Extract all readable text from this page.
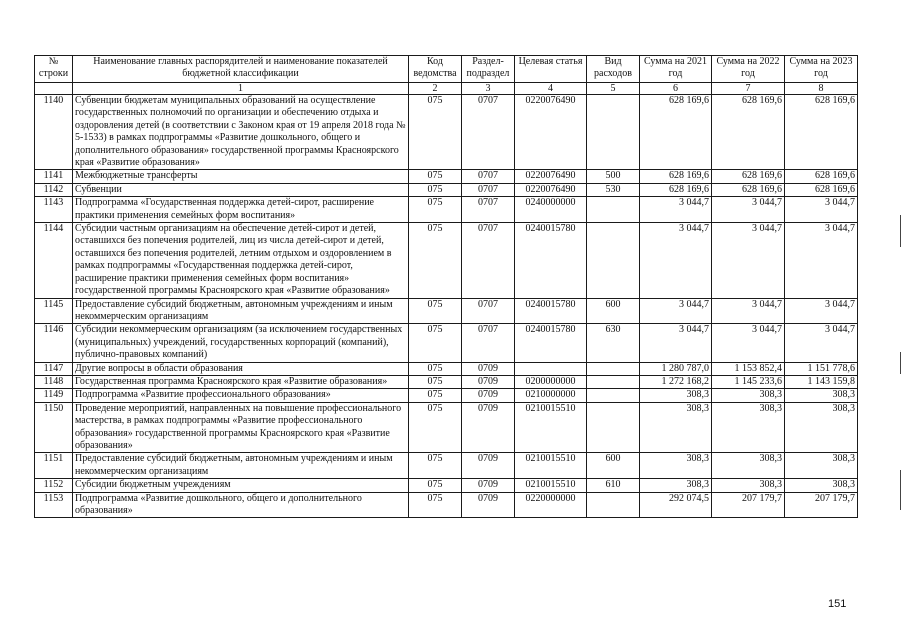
№ строки	Наименование главных распорядителей и наименование показателей бюджетной классификации	Код ведомства	Раздел-подраздел	Целевая статья	Вид расходов	Сумма на 2021 год	Сумма на 2022 год	Сумма на 2023 год
	1	2	3	4	5	6	7	8
1140	Субвенции бюджетам муниципальных образований на осуществление государственных полномочий по организации и обеспечению отдыха и оздоровления детей (в соответствии с Законом края от 19 апреля 2018 года № 5-1533) в рамках подпрограммы «Развитие дошкольного, общего и дополнительного образования» государственной программы Красноярского края «Развитие образования»	075	0707	0220076490		628 169,6	628 169,6	628 169,6
1141	Межбюджетные трансферты	075	0707	0220076490	500	628 169,6	628 169,6	628 169,6
1142	Субвенции	075	0707	0220076490	530	628 169,6	628 169,6	628 169,6
1143	Подпрограмма «Государственная поддержка детей-сирот, расширение практики применения семейных форм воспитания»	075	0707	0240000000		3 044,7	3 044,7	3 044,7
1144	Субсидии частным организациям на обеспечение детей-сирот и детей, оставшихся без попечения родителей, лиц из числа детей-сирот и детей, оставшихся без попечения родителей, летним отдыхом и оздоровлением в рамках подпрограммы «Государственная поддержка детей-сирот, расширение практики применения семейных форм воспитания» государственной программы Красноярского края «Развитие образования»	075	0707	0240015780		3 044,7	3 044,7	3 044,7
1145	Предоставление субсидий бюджетным, автономным учреждениям и иным некоммерческим организациям	075	0707	0240015780	600	3 044,7	3 044,7	3 044,7
1146	Субсидии некоммерческим организациям (за исключением государственных (муниципальных) учреждений, государственных корпораций (компаний), публично-правовых компаний)	075	0707	0240015780	630	3 044,7	3 044,7	3 044,7
1147	Другие вопросы в области образования	075	0709			1 280 787,0	1 153 852,4	1 151 778,6
1148	Государственная программа Красноярского края «Развитие образования»	075	0709	0200000000		1 272 168,2	1 145 233,6	1 143 159,8
1149	Подпрограмма «Развитие профессионального образования»	075	0709	0210000000		308,3	308,3	308,3
1150	Проведение мероприятий, направленных на повышение профессионального мастерства, в рамках подпрограммы «Развитие профессионального образования» государственной программы Красноярского края «Развитие образования»	075	0709	0210015510		308,3	308,3	308,3
1151	Предоставление субсидий бюджетным, автономным учреждениям и иным некоммерческим организациям	075	0709	0210015510	600	308,3	308,3	308,3
1152	Субсидии бюджетным учреждениям	075	0709	0210015510	610	308,3	308,3	308,3
1153	Подпрограмма «Развитие дошкольного, общего и дополнительного образования»	075	0709	0220000000		292 074,5	207 179,7	207 179,7
151
